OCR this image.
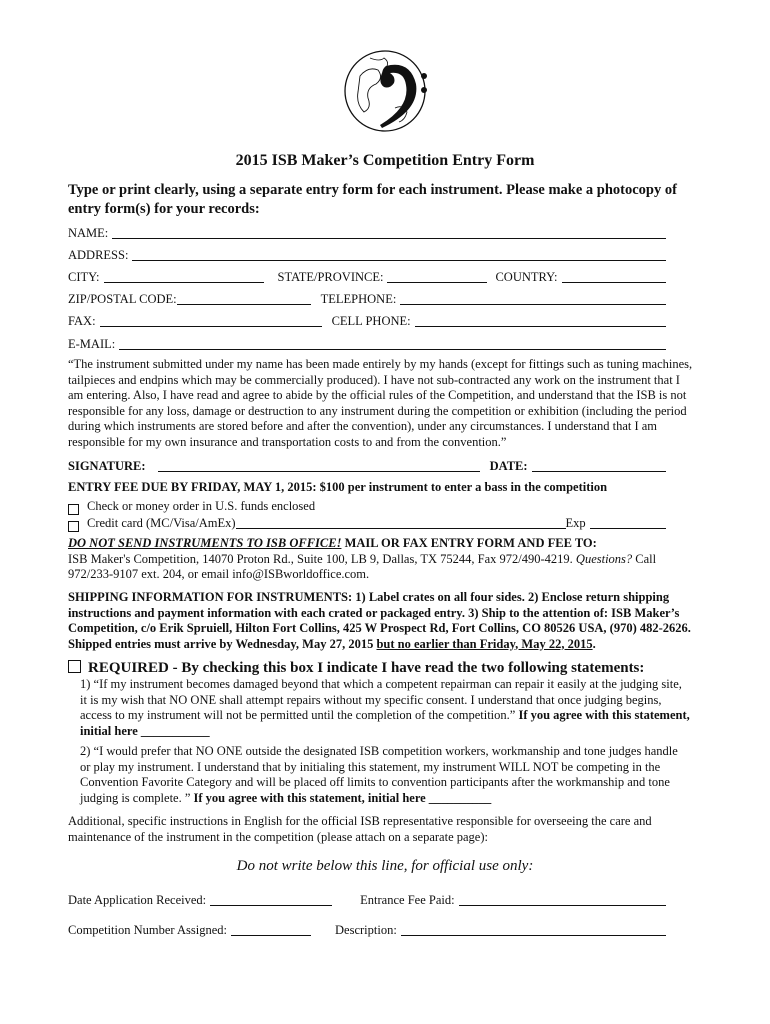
2015 ISB Maker’s Competition Entry Form

Type or print clearly, using a separate entry form for each instrument. Please make a photocopy of entry form(s) for your records:

NAME:
ADDRESS:
CITY:	STATE/PROVINCE:	COUNTRY:
ZIP/POSTAL CODE:	TELEPHONE:
FAX:	CELL PHONE:
E-MAIL:

“The instrument submitted under my name has been made entirely by my hands (except for fittings such as tuning machines, tailpieces and endpins which may be commercially produced). I have not sub-contracted any work on the instrument that I am entering. Also, I have read and agree to abide by the official rules of the Competition, and understand that the ISB is not responsible for any loss, damage or destruction to any instrument during the competition or exhibition (including the period during which instruments are stored before and after the convention), under any circumstances. I understand that I am responsible for my own insurance and transportation costs to and from the convention.”

SIGNATURE:	DATE:

ENTRY FEE DUE BY FRIDAY, MAY 1, 2015: $100 per instrument to enter a bass in the competition

Check or money order in U.S. funds enclosed
Credit card (MC/Visa/AmEx)	Exp

DO NOT SEND INSTRUMENTS TO ISB OFFICE! MAIL OR FAX ENTRY FORM AND FEE TO:
ISB Maker's Competition, 14070 Proton Rd., Suite 100, LB 9, Dallas, TX 75244, Fax 972/490-4219. Questions? Call 972/233-9107 ext. 204, or email info@ISBworldoffice.com.

SHIPPING INFORMATION FOR INSTRUMENTS: 1) Label crates on all four sides. 2) Enclose return shipping instructions and payment information with each crated or packaged entry. 3) Ship to the attention of: ISB Maker’s Competition, c/o Erik Spruiell, Hilton Fort Collins, 425 W Prospect Rd, Fort Collins, CO 80526 USA, (970) 482-2626. Shipped entries must arrive by Wednesday, May 27, 2015 but no earlier than Friday, May 22, 2015.

REQUIRED - By checking this box I indicate I have read the two following statements:

1) “If my instrument becomes damaged beyond that which a competent repairman can repair it easily at the judging site, it is my wish that NO ONE shall attempt repairs without my specific consent. I understand that once judging begins, access to my instrument will not be permitted until the completion of the competition.” If you agree with this statement, initial here ___________

2) “I would prefer that NO ONE outside the designated ISB competition workers, workmanship and tone judges handle or play my instrument. I understand that by initialing this statement, my instrument WILL NOT be competing in the Convention Favorite Category and will be placed off limits to convention participants after the workmanship and tone judging is complete. ” If you agree with this statement, initial here __________

Additional, specific instructions in English for the official ISB representative responsible for overseeing the care and maintenance of the instrument in the competition (please attach on a separate page):

Do not write below this line, for official use only:
Date Application Received:	Entrance Fee Paid:
Competition Number Assigned:	Description:
